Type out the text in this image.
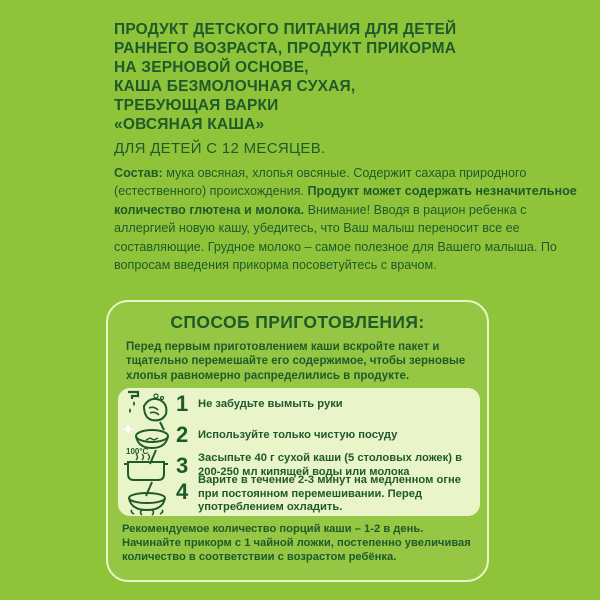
ПРОДУКТ ДЕТСКОГО ПИТАНИЯ ДЛЯ ДЕТЕЙ
РАННЕГО ВОЗРАСТА, ПРОДУКТ ПРИКОРМА
НА ЗЕРНОВОЙ ОСНОВЕ,
КАША БЕЗМОЛОЧНАЯ СУХАЯ,
ТРЕБУЮЩАЯ ВАРКИ
«ОВСЯНАЯ КАША»
ДЛЯ ДЕТЕЙ С 12 МЕСЯЦЕВ.
Состав: мука овсяная, хлопья овсяные. Содержит сахара природного (естественного) происхождения. Продукт может содержать незначительное количество глютена и молока. Внимание! Вводя в рацион ребенка с аллергией новую кашу, убедитесь, что Ваш малыш переносит все ее составляющие. Грудное молоко – самое полезное для Вашего малыша. По вопросам введения прикорма посоветуйтесь с врачом.
СПОСОБ ПРИГОТОВЛЕНИЯ:
Перед первым приготовлением каши вскройте пакет и тщательно перемешайте его содержимое, чтобы зерновые хлопья равномерно распределились в продукте.
1 Не забудьте вымыть руки
2 Используйте только чистую посуду
100°C
3 Засыпьте 40 г сухой каши (5 столовых ложек) в 200-250 мл кипящей воды или молока
4 Варите в течение 2-3 минут на медленном огне при постоянном перемешивании. Перед употреблением охладить.
Рекомендуемое количество порций каши – 1-2 в день. Начинайте прикорм с 1 чайной ложки, постепенно увеличивая количество в соответствии с возрастом ребёнка.
